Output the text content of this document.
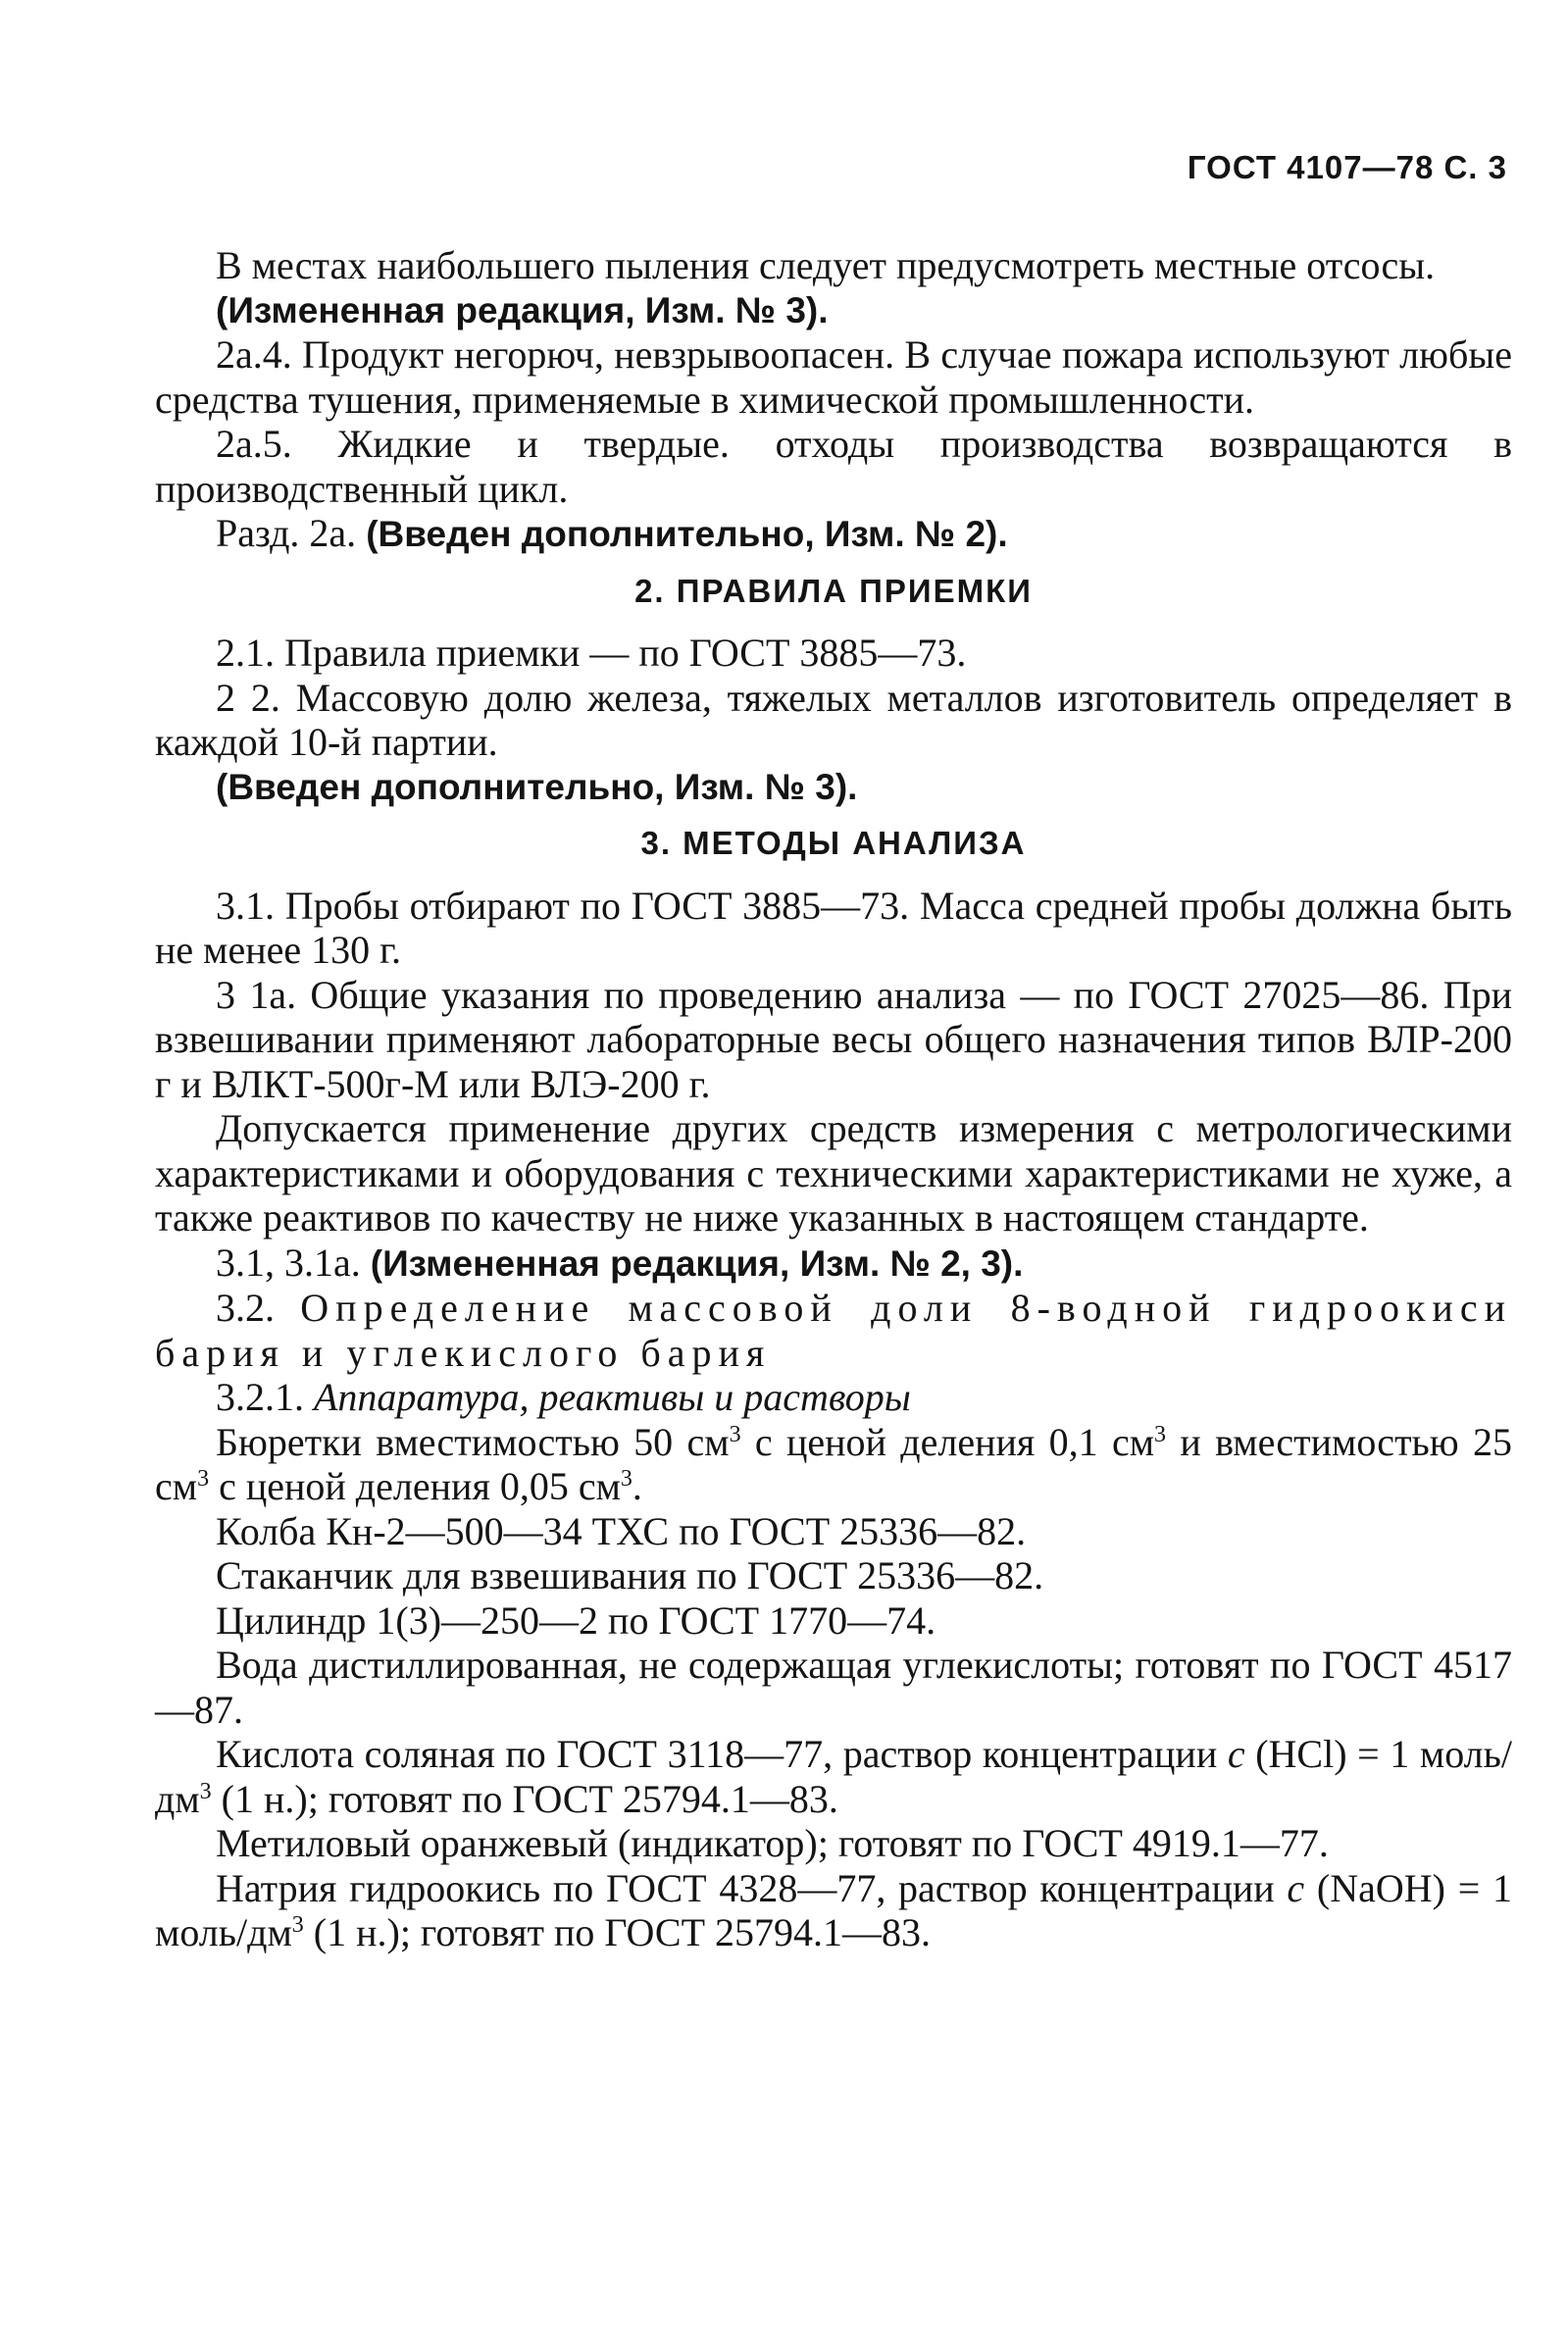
ГОСТ 4107—78 С. 3

В местах наибольшего пыления следует предусмотреть местные отсосы.

(Измененная редакция, Изм. № 3).

2а.4. Продукт негорюч, невзрывоопасен. В случае пожара используют любые средства тушения, применяемые в химической промышленности.

2а.5. Жидкие и твердые. отходы производства возвращаются в производственный цикл.

Разд. 2а. (Введен дополнительно, Изм. № 2).

2. ПРАВИЛА ПРИЕМКИ

2.1. Правила приемки — по ГОСТ 3885—73.

2 2. Массовую долю железа, тяжелых металлов изготовитель определяет в каждой 10-й партии.

(Введен дополнительно, Изм. № 3).

3. МЕТОДЫ АНАЛИЗА

3.1. Пробы отбирают по ГОСТ 3885—73. Масса средней пробы должна быть не менее 130 г.

3 1а. Общие указания по проведению анализа — по ГОСТ 27025—86. При взвешивании применяют лабораторные весы общего назначения типов ВЛР-200 г и ВЛКТ-500г-М или ВЛЭ-200 г.

Допускается применение других средств измерения с метрологическими характеристиками и оборудования с техническими характеристиками не хуже, а также реактивов по качеству не ниже указанных в настоящем стандарте.

3.1, 3.1а. (Измененная редакция, Изм. № 2, 3).

3.2. Определение массовой доли 8-водной гидроокиси бария и углекислого бария

3.2.1. Аппаратура, реактивы и растворы

Бюретки вместимостью 50 $см^3$ с ценой деления 0,1 $см^3$ и вместимостью 25 $см^3$ с ценой деления 0,05 $см^3$.

Колба Кн-2—500—34 ТХС по ГОСТ 25336—82.

Стаканчик для взвешивания по ГОСТ 25336—82.

Цилиндр 1(3)—250—2 по ГОСТ 1770—74.

Вода дистиллированная, не содержащая углекислоты; готовят по ГОСТ 4517—87.

Кислота соляная по ГОСТ 3118—77, раствор концентрации c (HCl) = 1 моль/$дм^3$ (1 н.); готовят по ГОСТ 25794.1—83.

Метиловый оранжевый (индикатор); готовят по ГОСТ 4919.1—77.

Натрия гидроокись по ГОСТ 4328—77, раствор концентрации c (NaOH) = 1 моль/$дм^3$ (1 н.); готовят по ГОСТ 25794.1—83.
